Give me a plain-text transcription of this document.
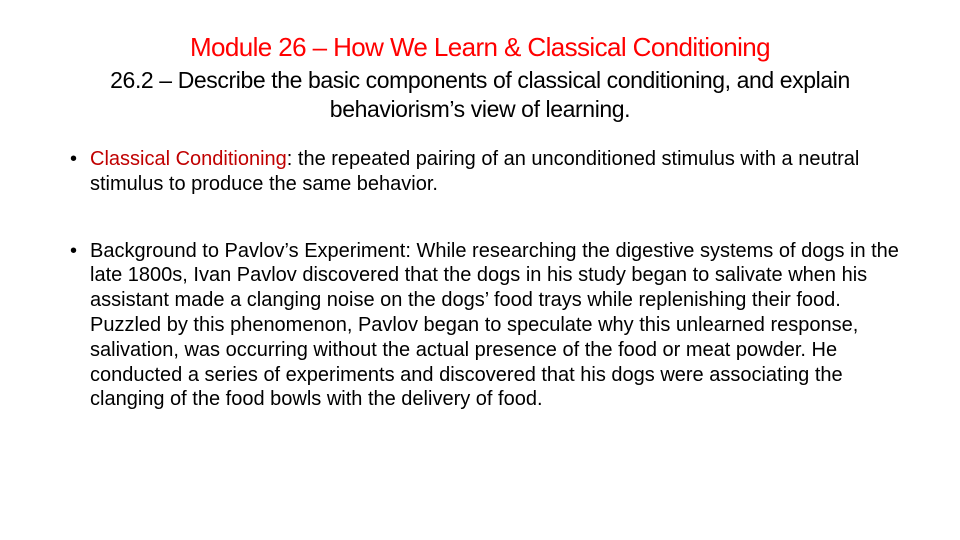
Module 26 – How We Learn & Classical Conditioning
26.2 – Describe the basic components of classical conditioning, and explain behaviorism’s view of learning.
• Classical Conditioning: the repeated pairing of an unconditioned stimulus with a neutral stimulus to produce the same behavior.
• Background to Pavlov’s Experiment: While researching the digestive systems of dogs in the late 1800s, Ivan Pavlov discovered that the dogs in his study began to salivate when his assistant made a clanging noise on the dogs’ food trays while replenishing their food. Puzzled by this phenomenon, Pavlov began to speculate why this unlearned response, salivation, was occurring without the actual presence of the food or meat powder. He conducted a series of experiments and discovered that his dogs were associating the clanging of the food bowls with the delivery of food.
